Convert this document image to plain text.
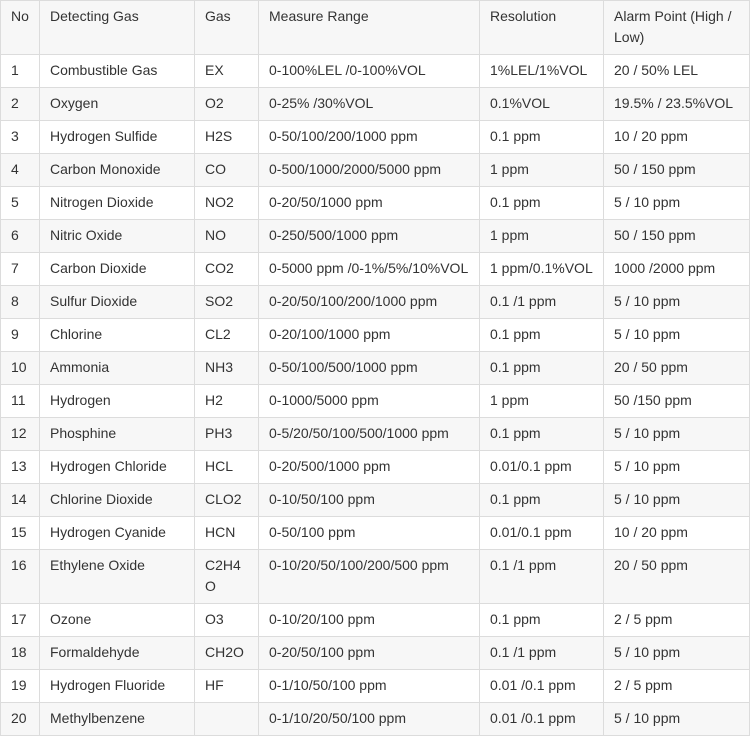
No	Detecting Gas	Gas	Measure Range	Resolution	Alarm Point (High / Low)
1	Combustible Gas	EX	0-100%LEL /0-100%VOL	1%LEL/1%VOL	20 / 50% LEL
2	Oxygen	O2	0-25% /30%VOL	0.1%VOL	19.5% / 23.5%VOL
3	Hydrogen Sulfide	H2S	0-50/100/200/1000 ppm	0.1 ppm	10 / 20 ppm
4	Carbon Monoxide	CO	0-500/1000/2000/5000 ppm	1 ppm	50 / 150 ppm
5	Nitrogen Dioxide	NO2	0-20/50/1000 ppm	0.1 ppm	5 / 10 ppm
6	Nitric Oxide	NO	0-250/500/1000 ppm	1 ppm	50 / 150 ppm
7	Carbon Dioxide	CO2	0-5000 ppm /0-1%/5%/10%VOL	1 ppm/0.1%VOL	1000 /2000 ppm
8	Sulfur Dioxide	SO2	0-20/50/100/200/1000 ppm	0.1 /1 ppm	5 / 10 ppm
9	Chlorine	CL2	0-20/100/1000 ppm	0.1 ppm	5 / 10 ppm
10	Ammonia	NH3	0-50/100/500/1000 ppm	0.1 ppm	20 / 50 ppm
11	Hydrogen	H2	0-1000/5000 ppm	1 ppm	50 /150 ppm
12	Phosphine	PH3	0-5/20/50/100/500/1000 ppm	0.1 ppm	5 / 10 ppm
13	Hydrogen Chloride	HCL	0-20/500/1000 ppm	0.01/0.1 ppm	5 / 10 ppm
14	Chlorine Dioxide	CLO2	0-10/50/100 ppm	0.1 ppm	5 / 10 ppm
15	Hydrogen Cyanide	HCN	0-50/100 ppm	0.01/0.1 ppm	10 / 20 ppm
16	Ethylene Oxide	C2H4O	0-10/20/50/100/200/500 ppm	0.1 /1 ppm	20 / 50 ppm
17	Ozone	O3	0-10/20/100 ppm	0.1 ppm	2 / 5 ppm
18	Formaldehyde	CH2O	0-20/50/100 ppm	0.1 /1 ppm	5 / 10 ppm
19	Hydrogen Fluoride	HF	0-1/10/50/100 ppm	0.01 /0.1 ppm	2 / 5 ppm
20	Methylbenzene		0-1/10/20/50/100 ppm	0.01 /0.1 ppm	5 / 10 ppm
